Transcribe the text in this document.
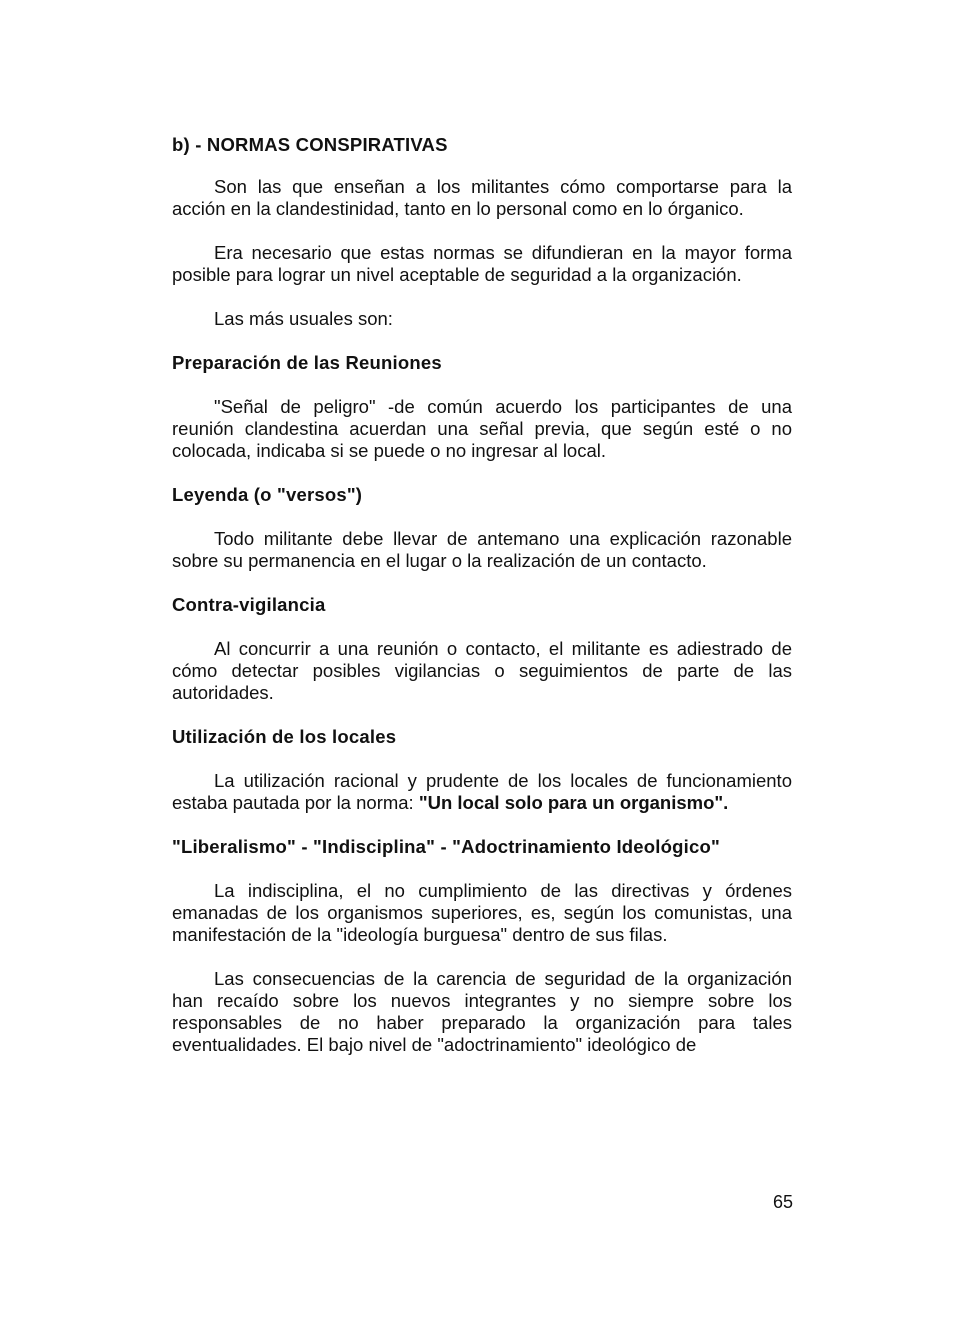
b) - NORMAS CONSPIRATIVAS

Son las que enseñan a los militantes cómo comportarse para la acción en la clandestinidad, tanto en lo personal como en lo órganico.

Era necesario que estas normas se difundieran en la mayor forma posible para lograr un nivel aceptable de seguridad a la organización.

Las más usuales son:

Preparación de las Reuniones

"Señal de peligro" -de común acuerdo los participantes de una reunión clandestina acuerdan una señal previa, que según esté o no colocada, indicaba si se puede o no ingresar al local.

Leyenda (o "versos")

Todo militante debe llevar de antemano una explicación razonable sobre su permanencia en el lugar o la realización de un contacto.

Contra-vigilancia

Al concurrir a una reunión o contacto, el militante es adiestrado de cómo detectar posibles vigilancias o seguimientos de parte de las autoridades.

Utilización de los locales

La utilización racional y prudente de los locales de funcionamiento estaba pautada por la norma: "Un local solo para un organismo".

"Liberalismo" - "Indisciplina" - "Adoctrinamiento Ideológico"

La indisciplina, el no cumplimiento de las directivas y órdenes emanadas de los organismos superiores, es, según los comunistas, una manifestación de la "ideología burguesa" dentro de sus filas.

Las consecuencias de la carencia de seguridad de la organización han recaído sobre los nuevos integrantes y no siempre sobre los responsables de no haber preparado la organización para tales eventualidades. El bajo nivel de "adoctrinamiento" ideológico de

65
